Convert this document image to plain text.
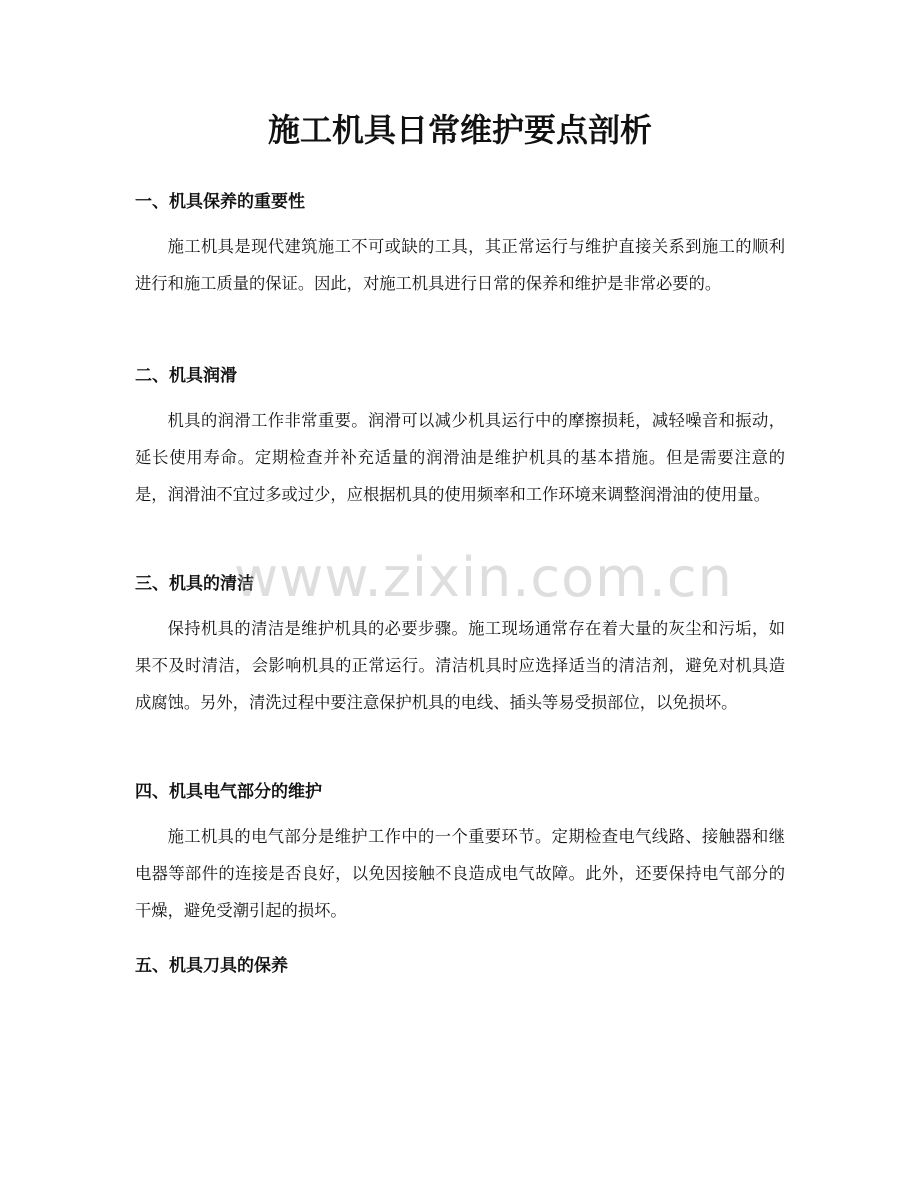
施工机具日常维护要点剖析
一、机具保养的重要性

施工机具是现代建筑施工不可或缺的工具，其正常运行与维护直接关系到施工的顺利进行和施工质量的保证。因此，对施工机具进行日常的保养和维护是非常必要的。

二、机具润滑

机具的润滑工作非常重要。润滑可以减少机具运行中的摩擦损耗，减轻噪音和振动，延长使用寿命。定期检查并补充适量的润滑油是维护机具的基本措施。但是需要注意的是，润滑油不宜过多或过少，应根据机具的使用频率和工作环境来调整润滑油的使用量。

三、机具的清洁

保持机具的清洁是维护机具的必要步骤。施工现场通常存在着大量的灰尘和污垢，如果不及时清洁，会影响机具的正常运行。清洁机具时应选择适当的清洁剂，避免对机具造成腐蚀。另外，清洗过程中要注意保护机具的电线、插头等易受损部位，以免损坏。

四、机具电气部分的维护

施工机具的电气部分是维护工作中的一个重要环节。定期检查电气线路、接触器和继电器等部件的连接是否良好，以免因接触不良造成电气故障。此外，还要保持电气部分的干燥，避免受潮引起的损坏。

五、机具刀具的保养
www.zixin.com.cn
